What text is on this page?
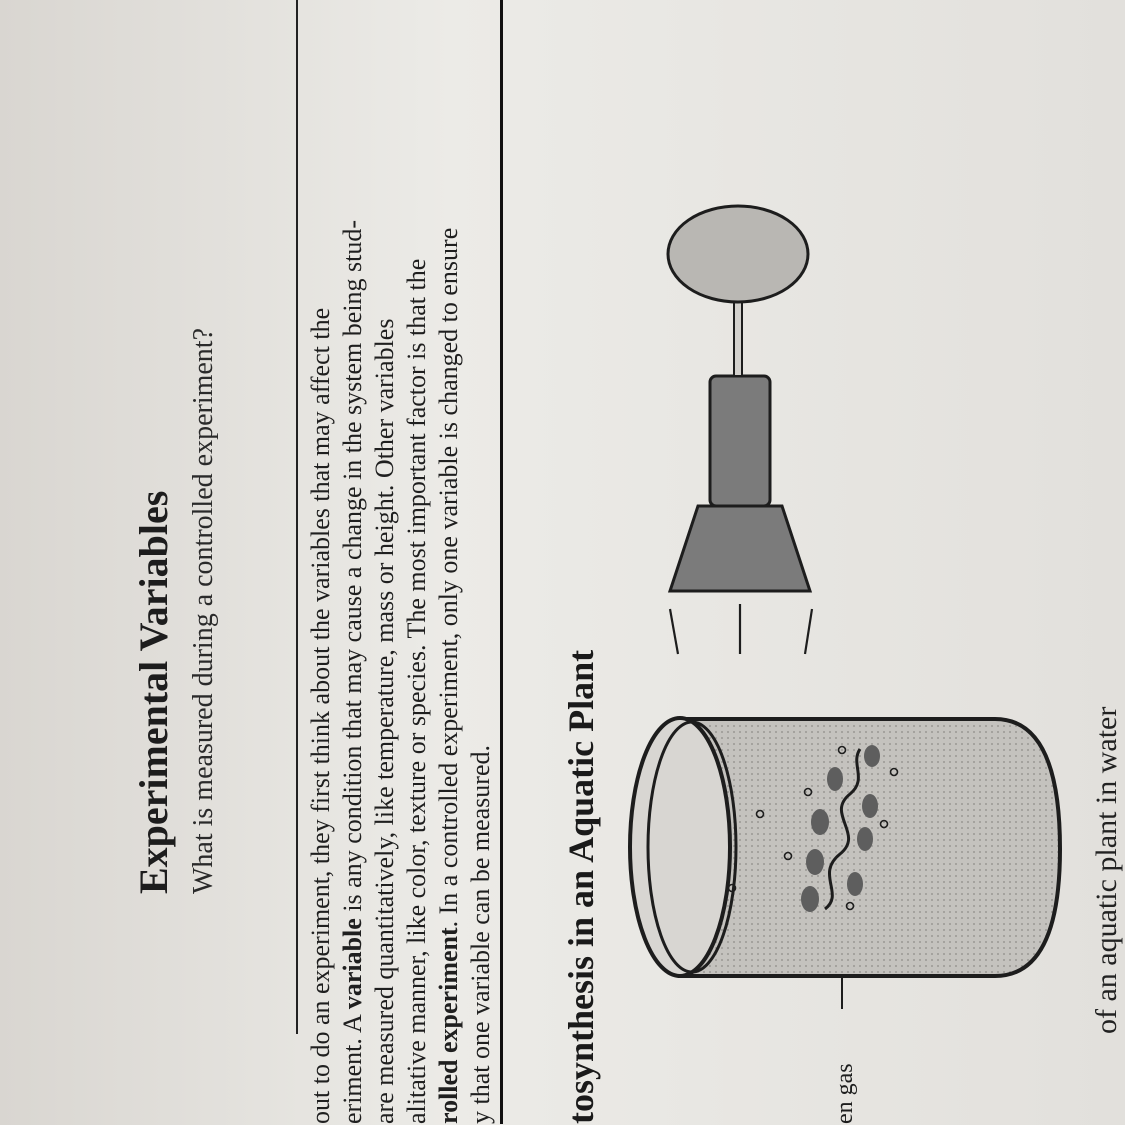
Experimental Variables What is measured during a controlled experiment?	out to do an experiment, they first think about the variables that may affect the eriment. A variable is any condition that may cause a change in the system being stud- are measured quantitatively, like temperature, mass or height. Other variables alitative manner, like color, texture or species. The most important factor is that the rolled experiment. In a controlled experiment, only one variable is changed to ensure
y that one variable can be measured. tosynthesis in an Aquatic Plant	en gas
of an aquatic plant in water
